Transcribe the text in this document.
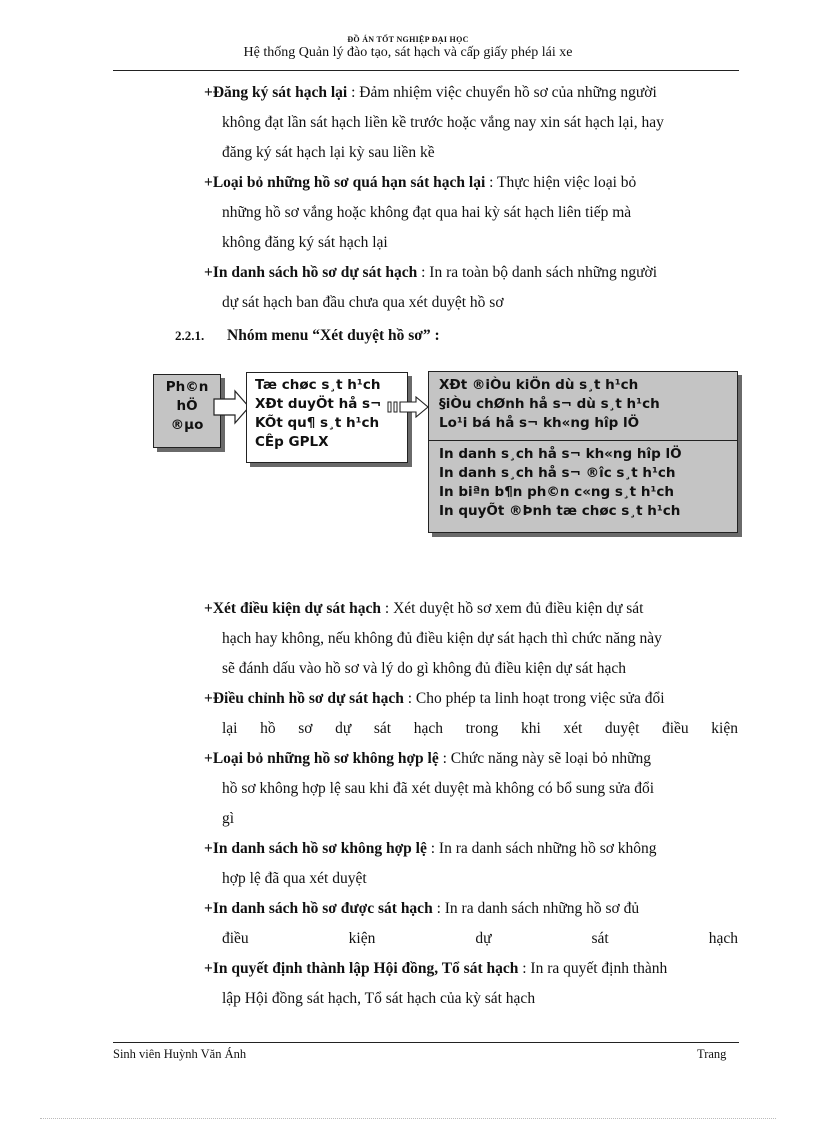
ĐỒ ÁN TỐT NGHIỆP ĐẠI HỌC
Hệ thống Quản lý đào tạo, sát hạch và cấp giấy phép lái xe
+Đăng ký sát hạch lại : Đảm nhiệm việc chuyển hồ sơ của những người
không đạt lần sát hạch liền kề trước hoặc vắng nay xin sát hạch lại, hay
đăng ký sát hạch lại kỳ sau liền kề
+Loại bỏ những hồ sơ quá hạn sát hạch lại : Thực hiện việc loại bỏ
những hồ sơ vắng hoặc không đạt qua hai kỳ sát hạch liên tiếp mà
không đăng ký sát hạch lại
+In danh sách hồ sơ dự sát hạch : In ra toàn bộ danh sách những người
dự sát hạch ban đầu chưa qua xét duyệt hồ sơ
2.2.1. Nhóm menu “Xét duyệt hồ sơ” :
Ph©n
hÖ
®µo
Tæ chøc s¸t h¹ch
XÐt duyÖt hå s¬
KÕt qu¶ s¸t h¹ch
CÊp GPLX
XÐt ®iÒu kiÖn dù s¸t h¹ch
§iÒu chØnh hå s¬ dù s¸t h¹ch
Lo¹i bá hå s¬ kh«ng hîp lÖ
In danh s¸ch hå s¬ kh«ng hîp lÖ
In danh s¸ch hå s¬ ®îc s¸t h¹ch
In biªn b¶n ph©n c«ng s¸t h¹ch
In quyÕt ®Þnh tæ chøc s¸t h¹ch
+Xét điều kiện dự sát hạch : Xét duyệt hồ sơ xem đủ điều kiện dự sát
hạch hay không, nếu không đủ điều kiện dự sát hạch thì chức năng này
sẽ đánh dấu vào hồ sơ và lý do gì không đủ điều kiện dự sát hạch
+Điều chỉnh hồ sơ dự sát hạch : Cho phép ta linh hoạt trong việc sửa đổi
lại hồ sơ dự sát hạch trong khi xét duyệt điều kiện
+Loại bỏ những hồ sơ không hợp lệ : Chức năng này sẽ loại bỏ những
hồ sơ không hợp lệ sau khi đã xét duyệt mà không có bổ sung sửa đổi
gì
+In danh sách hồ sơ không hợp lệ : In ra danh sách những hồ sơ không
hợp lệ đã qua xét duyệt
+In danh sách hồ sơ được sát hạch : In ra danh sách những hồ sơ đủ
điều kiện dự sát hạch
+In quyết định thành lập Hội đồng, Tổ sát hạch : In ra quyết định thành
lập Hội đồng sát hạch, Tổ sát hạch của kỳ sát hạch
Sinh viên Huỳnh Văn Ánh	Trang
